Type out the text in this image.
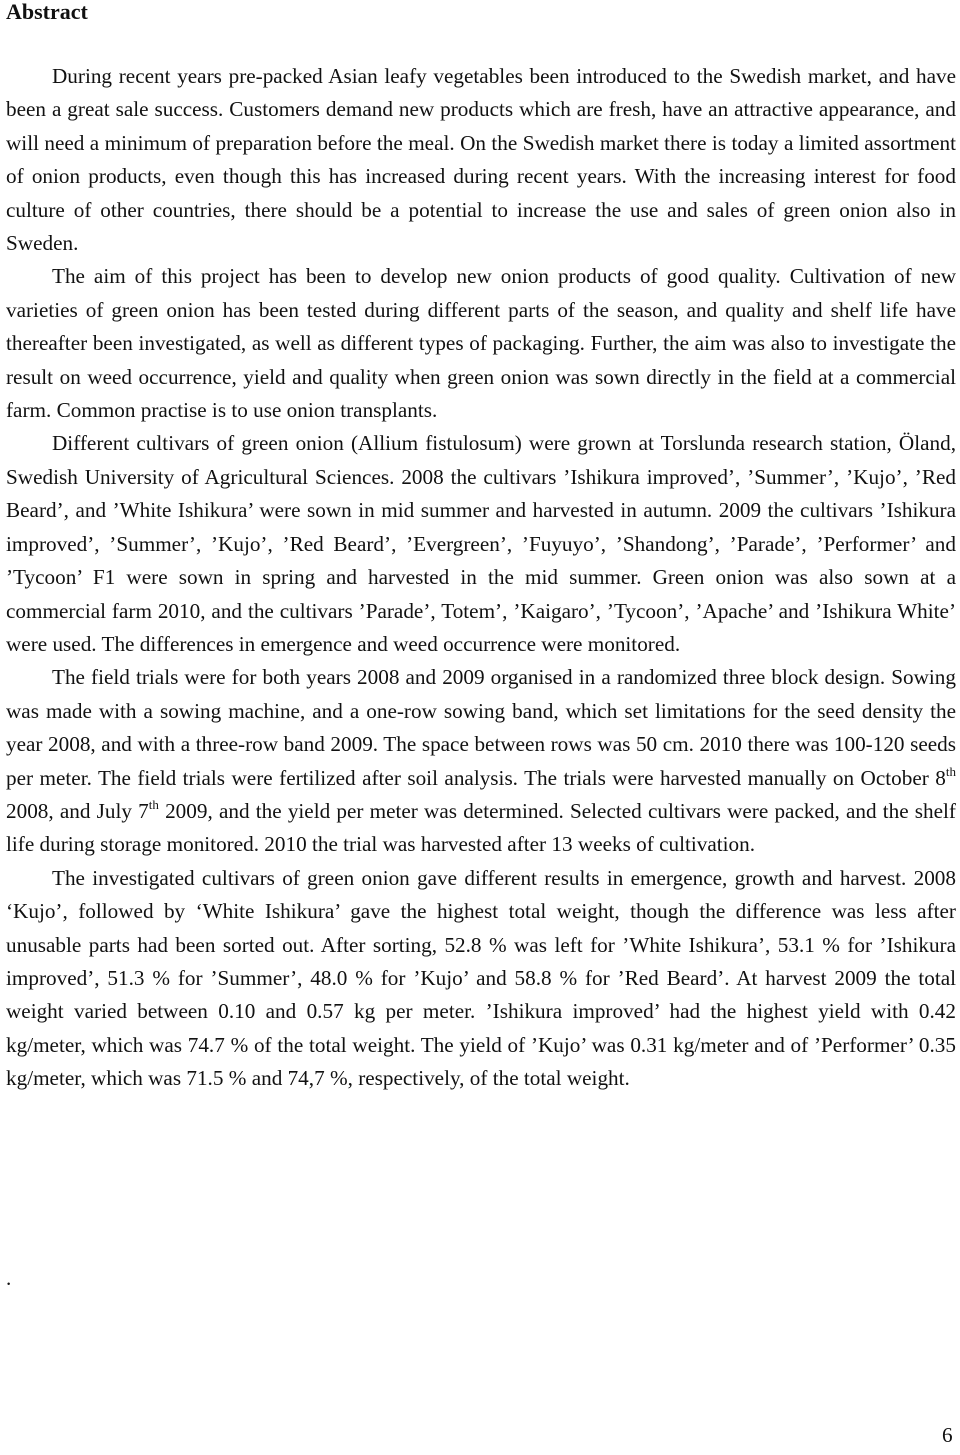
Abstract

During recent years pre-packed Asian leafy vegetables been introduced to the Swedish market, and have been a great sale success. Customers demand new products which are fresh, have an attractive appearance, and will need a minimum of preparation before the meal. On the Swedish market there is today a limited assortment of onion products, even though this has increased during recent years. With the increasing interest for food culture of other countries, there should be a potential to increase the use and sales of green onion also in Sweden.

The aim of this project has been to develop new onion products of good quality. Cultivation of new varieties of green onion has been tested during different parts of the season, and quality and shelf life have thereafter been investigated, as well as different types of packaging. Further, the aim was also to investigate the result on weed occurrence, yield and quality when green onion was sown directly in the field at a commercial farm. Common practise is to use onion transplants.

Different cultivars of green onion (Allium fistulosum) were grown at Torslunda research station, Öland, Swedish University of Agricultural Sciences. 2008 the cultivars ’Ishikura improved’, ’Summer’, ’Kujo’, ’Red Beard’, and ’White Ishikura’ were sown in mid summer and harvested in autumn. 2009 the cultivars ’Ishikura improved’, ’Summer’, ’Kujo’, ’Red Beard’, ’Evergreen’, ’Fuyuyo’, ’Shandong’, ’Parade’, ’Performer’ and ’Tycoon’ F1 were sown in spring and harvested in the mid summer. Green onion was also sown at a commercial farm 2010, and the cultivars ’Parade’, Totem’, ’Kaigaro’, ’Tycoon’, ’Apache’ and ’Ishikura White’ were used. The differences in emergence and weed occurrence were monitored.

The field trials were for both years 2008 and 2009 organised in a randomized three block design. Sowing was made with a sowing machine, and a one-row sowing band, which set limitations for the seed density the year 2008, and with a three-row band 2009. The space between rows was 50 cm. 2010 there was 100-120 seeds per meter. The field trials were fertilized after soil analysis. The trials were harvested manually on October 8th 2008, and July 7th 2009, and the yield per meter was determined. Selected cultivars were packed, and the shelf life during storage monitored. 2010 the trial was harvested after 13 weeks of cultivation.

The investigated cultivars of green onion gave different results in emergence, growth and harvest. 2008 ‘Kujo’, followed by ‘White Ishikura’ gave the highest total weight, though the difference was less after unusable parts had been sorted out. After sorting, 52.8 % was left for ’White Ishikura’, 53.1 % for ’Ishikura improved’, 51.3 % for ’Summer’, 48.0 % for ’Kujo’ and 58.8 % for ’Red Beard’. At harvest 2009 the total weight varied between 0.10 and 0.57 kg per meter. ’Ishikura improved’ had the highest yield with 0.42 kg/meter, which was 74.7 % of the total weight. The yield of ’Kujo’ was 0.31 kg/meter and of ’Performer’ 0.35 kg/meter, which was 71.5 % and 74,7 %, respectively, of the total weight.

.
6
